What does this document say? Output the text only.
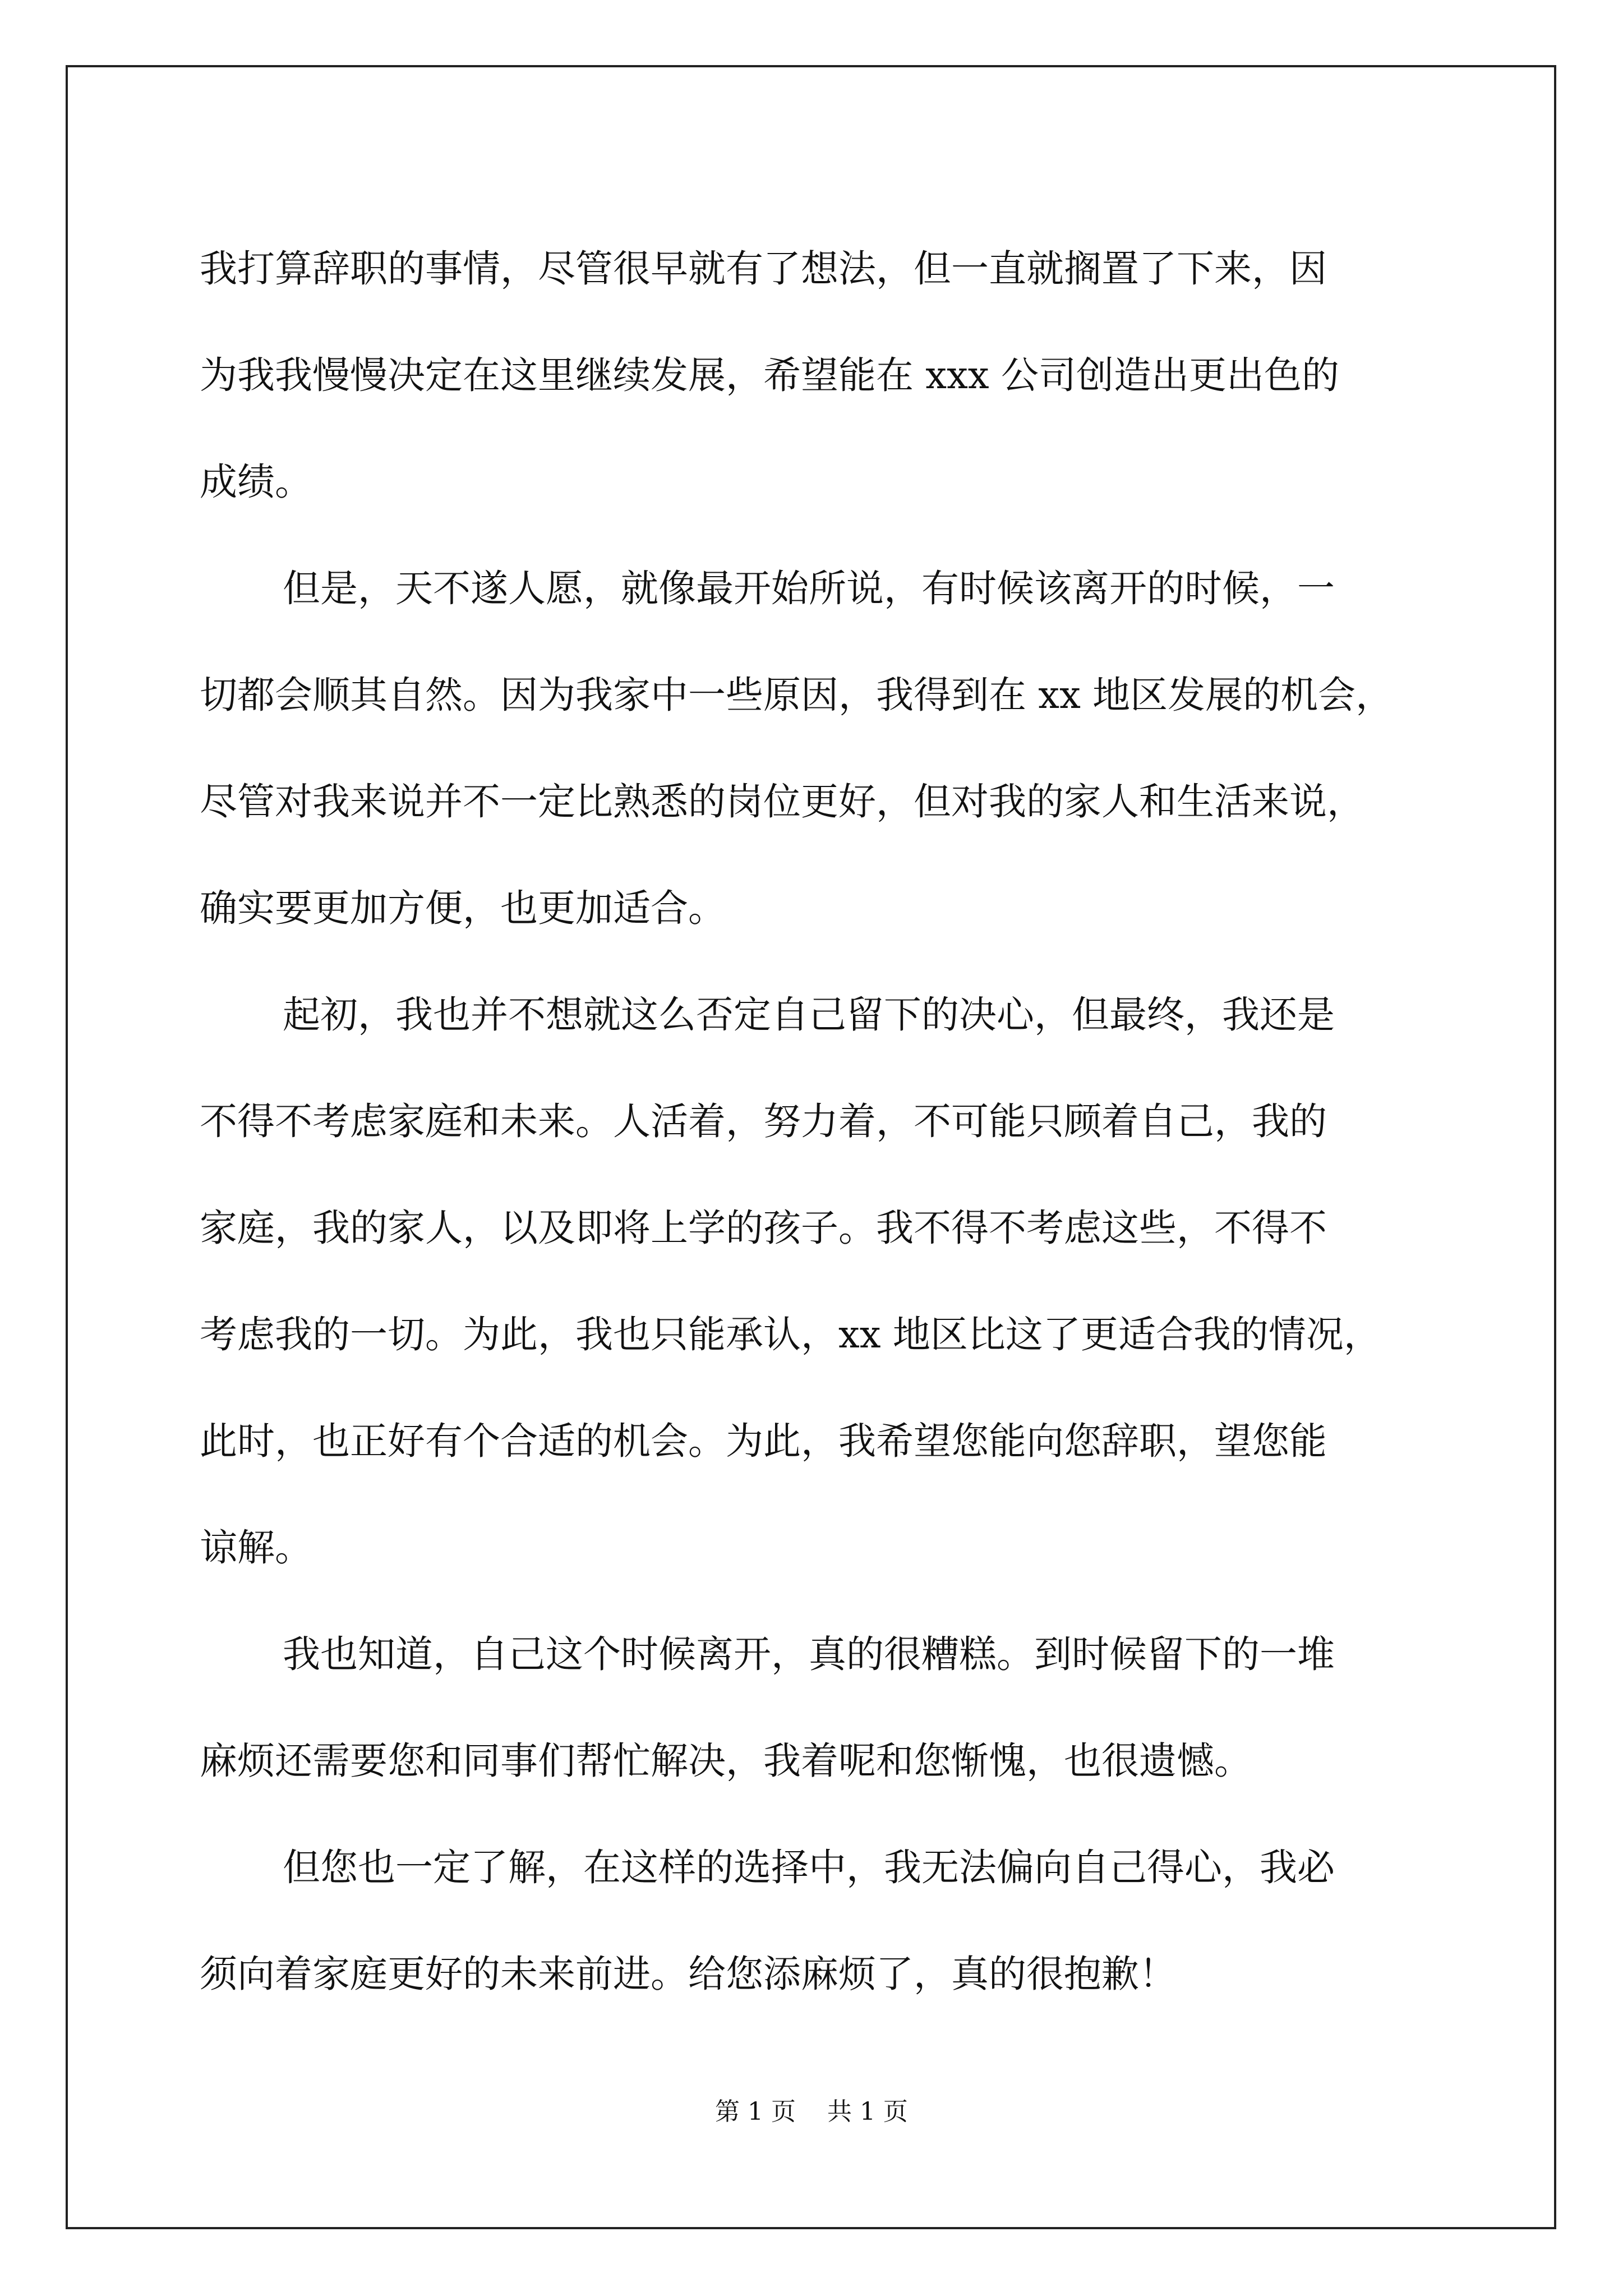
我打算辞职的事情，尽管很早就有了想法，但一直就搁置了下来，因
为我我慢慢决定在这里继续发展，希望能在 xxx 公司创造出更出色的
成绩。
但是，天不遂人愿，就像最开始所说，有时候该离开的时候，一
切都会顺其自然。因为我家中一些原因，我得到在 xx 地区发展的机会，
尽管对我来说并不一定比熟悉的岗位更好，但对我的家人和生活来说，
确实要更加方便，也更加适合。
起初，我也并不想就这么否定自己留下的决心，但最终，我还是
不得不考虑家庭和未来。人活着，努力着，不可能只顾着自己，我的
家庭，我的家人，以及即将上学的孩子。我不得不考虑这些，不得不
考虑我的一切。为此，我也只能承认，xx 地区比这了更适合我的情况，
此时，也正好有个合适的机会。为此，我希望您能向您辞职，望您能
谅解。
我也知道，自己这个时候离开，真的很糟糕。到时候留下的一堆
麻烦还需要您和同事们帮忙解决，我着呢和您惭愧，也很遗憾。
但您也一定了解，在这样的选择中，我无法偏向自己得心，我必
须向着家庭更好的未来前进。给您添麻烦了，真的很抱歉！
第 1 页    共 1 页
